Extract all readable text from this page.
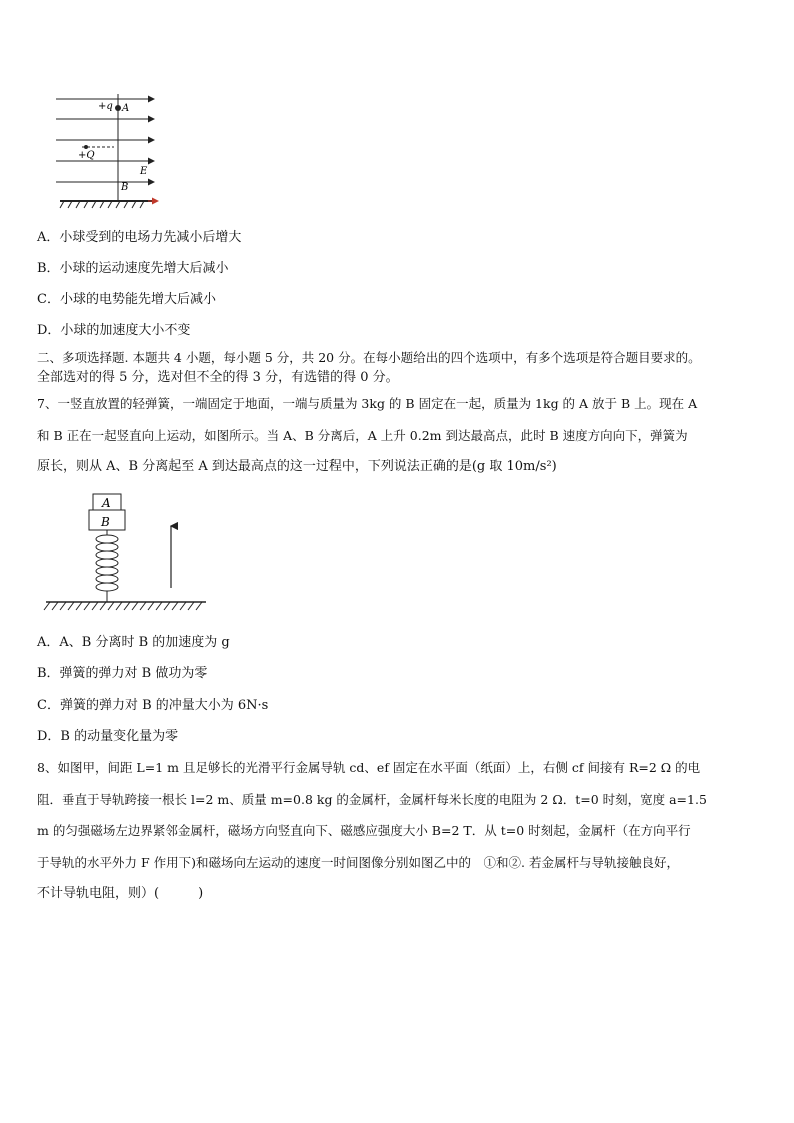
+q A
+Q
E
B
A．小球受到的电场力先减小后增大
B．小球的运动速度先增大后减小
C．小球的电势能先增大后减小
D．小球的加速度大小不变
二、多项选择题. 本题共 4 小题，每小题 5 分，共 20 分。在每小题给出的四个选项中，有多个选项是符合题目要求的。
全部选对的得 5 分，选对但不全的得 3 分，有选错的得 0 分。
7、一竖直放置的轻弹簧，一端固定于地面，一端与质量为 3kg 的 B 固定在一起，质量为 1kg 的 A 放于 B 上。现在 A
和 B 正在一起竖直向上运动，如图所示。当 A、B 分离后，A 上升 0.2m 到达最高点，此时 B 速度方向向下，弹簧为
原长，则从 A、B 分离起至 A 到达最高点的这一过程中，下列说法正确的是(g 取 10m/s²)
A
B
A．A、B 分离时 B 的加速度为 g
B．弹簧的弹力对 B 做功为零
C．弹簧的弹力对 B 的冲量大小为 6N·s
D．B 的动量变化量为零
8、如图甲，间距 L=1 m 且足够长的光滑平行金属导轨 cd、ef 固定在水平面（纸面）上，右侧 cf 间接有 R=2 Ω 的电
阻．垂直于导轨跨接一根长 l=2 m、质量 m=0.8 kg 的金属杆，金属杆每米长度的电阻为 2 Ω．t=0 时刻，宽度 a=1.5
m 的匀强磁场左边界紧邻金属杆，磁场方向竖直向下、磁感应强度大小 B=2 T．从 t=0 时刻起，金属杆（在方向平行
于导轨的水平外力 F 作用下)和磁场向左运动的速度一时间图像分别如图乙中的　①和②. 若金属杆与导轨接触良好，
不计导轨电阻，则）(　　　)
